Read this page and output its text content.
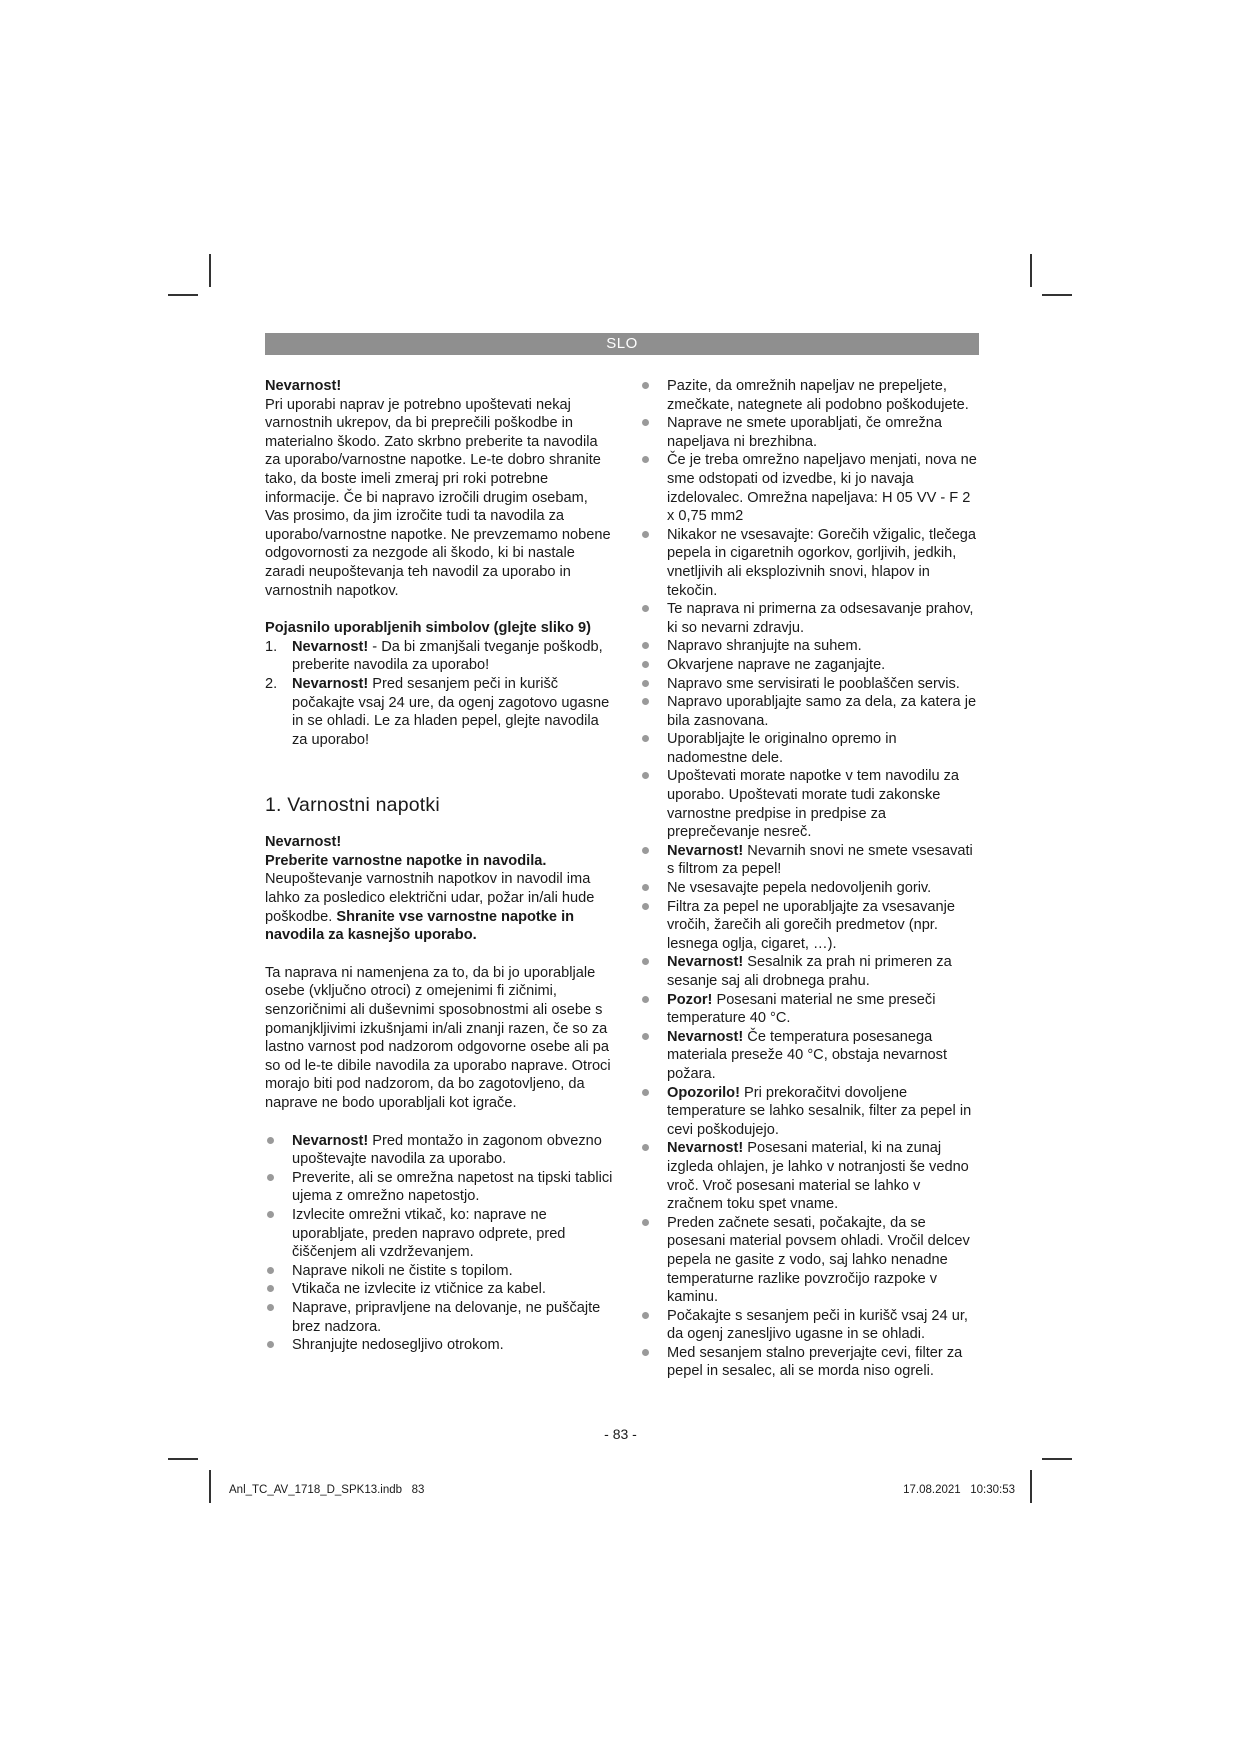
SLO

Nevarnost!

Pri uporabi naprav je potrebno upoštevati nekaj varnostnih ukrepov, da bi preprečili poškodbe in materialno škodo. Zato skrbno preberite ta navodila za uporabo/varnostne napotke. Le-te dobro shranite tako, da boste imeli zmeraj pri roki potrebne informacije. Če bi napravo izročili drugim osebam, Vas prosimo, da jim izročite tudi ta navodila za uporabo/varnostne napotke. Ne prevzemamo nobene odgovornosti za nezgode ali škodo, ki bi nastale zaradi neupoštevanja teh navodil za uporabo in varnostnih napotkov.

Pojasnilo uporabljenih simbolov (glejte sliko 9)

1. Nevarnost! - Da bi zmanjšali tveganje poškodb, preberite navodila za uporabo!
2. Nevarnost! Pred sesanjem peči in kurišč počakajte vsaj 24 ure, da ogenj zagotovo ugasne in se ohladi. Le za hladen pepel, glejte navodila za uporabo!
1. Varnostni napotki

Nevarnost!

Preberite varnostne napotke in navodila.

Neupoštevanje varnostnih napotkov in navodil ima lahko za posledico električni udar, požar in/ali hude poškodbe. Shranite vse varnostne napotke in navodila za kasnejšo uporabo.

Ta naprava ni namenjena za to, da bi jo uporabljale osebe (vključno otroci) z omejenimi fi zičnimi, senzoričnimi ali duševnimi sposobnostmi ali osebe s pomanjkljivimi izkušnjami in/ali znanji razen, če so za lastno varnost pod nadzorom odgovorne osebe ali pa so od le-te dibile navodila za uporabo naprave. Otroci morajo biti pod nadzorom, da bo zagotovljeno, da naprave ne bodo uporabljali kot igrače.

Nevarnost! Pred montažo in zagonom obvezno upoštevajte navodila za uporabo.
Preverite, ali se omrežna napetost na tipski tablici ujema z omrežno napetostjo.
Izvlecite omrežni vtikač, ko: naprave ne uporabljate, preden napravo odprete, pred čiščenjem ali vzdrževanjem.
Naprave nikoli ne čistite s topilom.
Vtikača ne izvlecite iz vtičnice za kabel.
Naprave, pripravljene na delovanje, ne puščajte brez nadzora.
Shranjujte nedosegljivo otrokom.
Pazite, da omrežnih napeljav ne prepeljete, zmečkate, nategnete ali podobno poškodujete.
Naprave ne smete uporabljati, če omrežna napeljava ni brezhibna.
Če je treba omrežno napeljavo menjati, nova ne sme odstopati od izvedbe, ki jo navaja izdelovalec. Omrežna napeljava: H 05 VV - F 2 x 0,75 mm2
Nikakor ne vsesavajte: Gorečih vžigalic, tlečega pepela in cigaretnih ogorkov, gorljivih, jedkih, vnetljivih ali eksplozivnih snovi, hlapov in tekočin.
Te naprava ni primerna za odsesavanje prahov, ki so nevarni zdravju.
Napravo shranjujte na suhem.
Okvarjene naprave ne zaganjajte.
Napravo sme servisirati le pooblaščen servis.
Napravo uporabljajte samo za dela, za katera je bila zasnovana.
Uporabljajte le originalno opremo in nadomestne dele.
Upoštevati morate napotke v tem navodilu za uporabo. Upoštevati morate tudi zakonske varnostne predpise in predpise za preprečevanje nesreč.
Nevarnost! Nevarnih snovi ne smete vsesavati s filtrom za pepel!
Ne vsesavajte pepela nedovoljenih goriv.
Filtra za pepel ne uporabljajte za vsesavanje vročih, žarečih ali gorečih predmetov (npr. lesnega oglja, cigaret, …).
Nevarnost! Sesalnik za prah ni primeren za sesanje saj ali drobnega prahu.
Pozor! Posesani material ne sme preseči temperature 40 °C.
Nevarnost! Če temperatura posesanega materiala preseže 40 °C, obstaja nevarnost požara.
Opozorilo! Pri prekoračitvi dovoljene temperature se lahko sesalnik, filter za pepel in cevi poškodujejo.
Nevarnost! Posesani material, ki na zunaj izgleda ohlajen, je lahko v notranjosti še vedno vroč. Vroč posesani material se lahko v zračnem toku spet vname.
Preden začnete sesati, počakajte, da se posesani material povsem ohladi. Vročil delcev pepela ne gasite z vodo, saj lahko nenadne temperaturne razlike povzročijo razpoke v kaminu.
Počakajte s sesanjem peči in kurišč vsaj 24 ur, da ogenj zanesljivo ugasne in se ohladi.
Med sesanjem stalno preverjajte cevi, filter za pepel in sesalec, ali se morda niso ogreli.
- 83 -
Anl_TC_AV_1718_D_SPK13.indb   83	17.08.2021   10:30:53
